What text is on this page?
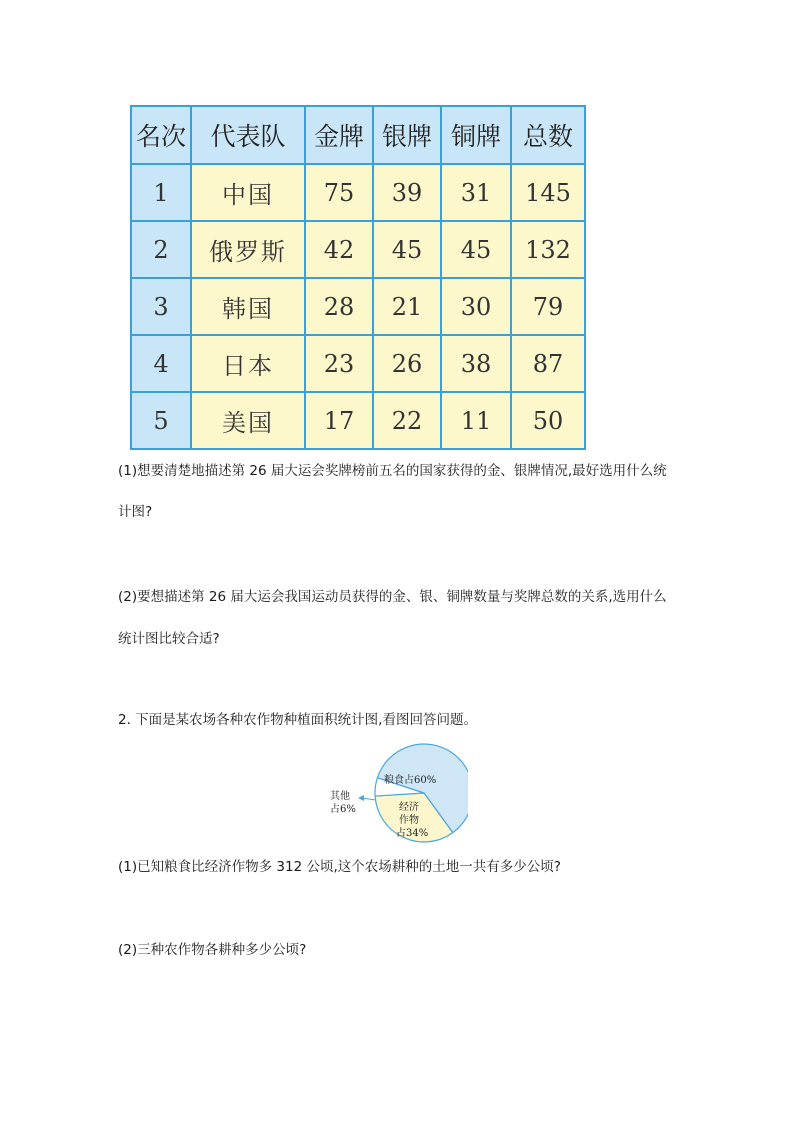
名次	代表队	金牌	银牌	铜牌	总数
1	中国	75	39	31	145
2	俄罗斯	42	45	45	132
3	韩国	28	21	30	79
4	日本	23	26	38	87
5	美国	17	22	11	50

(1)想要清楚地描述第 26 届大运会奖牌榜前五名的国家获得的金、银牌情况,最好选用什么统

计图?

(2)要想描述第 26 届大运会我国运动员获得的金、银、铜牌数量与奖牌总数的关系,选用什么

统计图比较合适?

2. 下面是某农场各种农作物种植面积统计图,看图回答问题。

粮食占60%
经济
作物
占34%
其他
占6%

(1)已知粮食比经济作物多 312 公顷,这个农场耕种的土地一共有多少公顷?

(2)三种农作物各耕种多少公顷?
